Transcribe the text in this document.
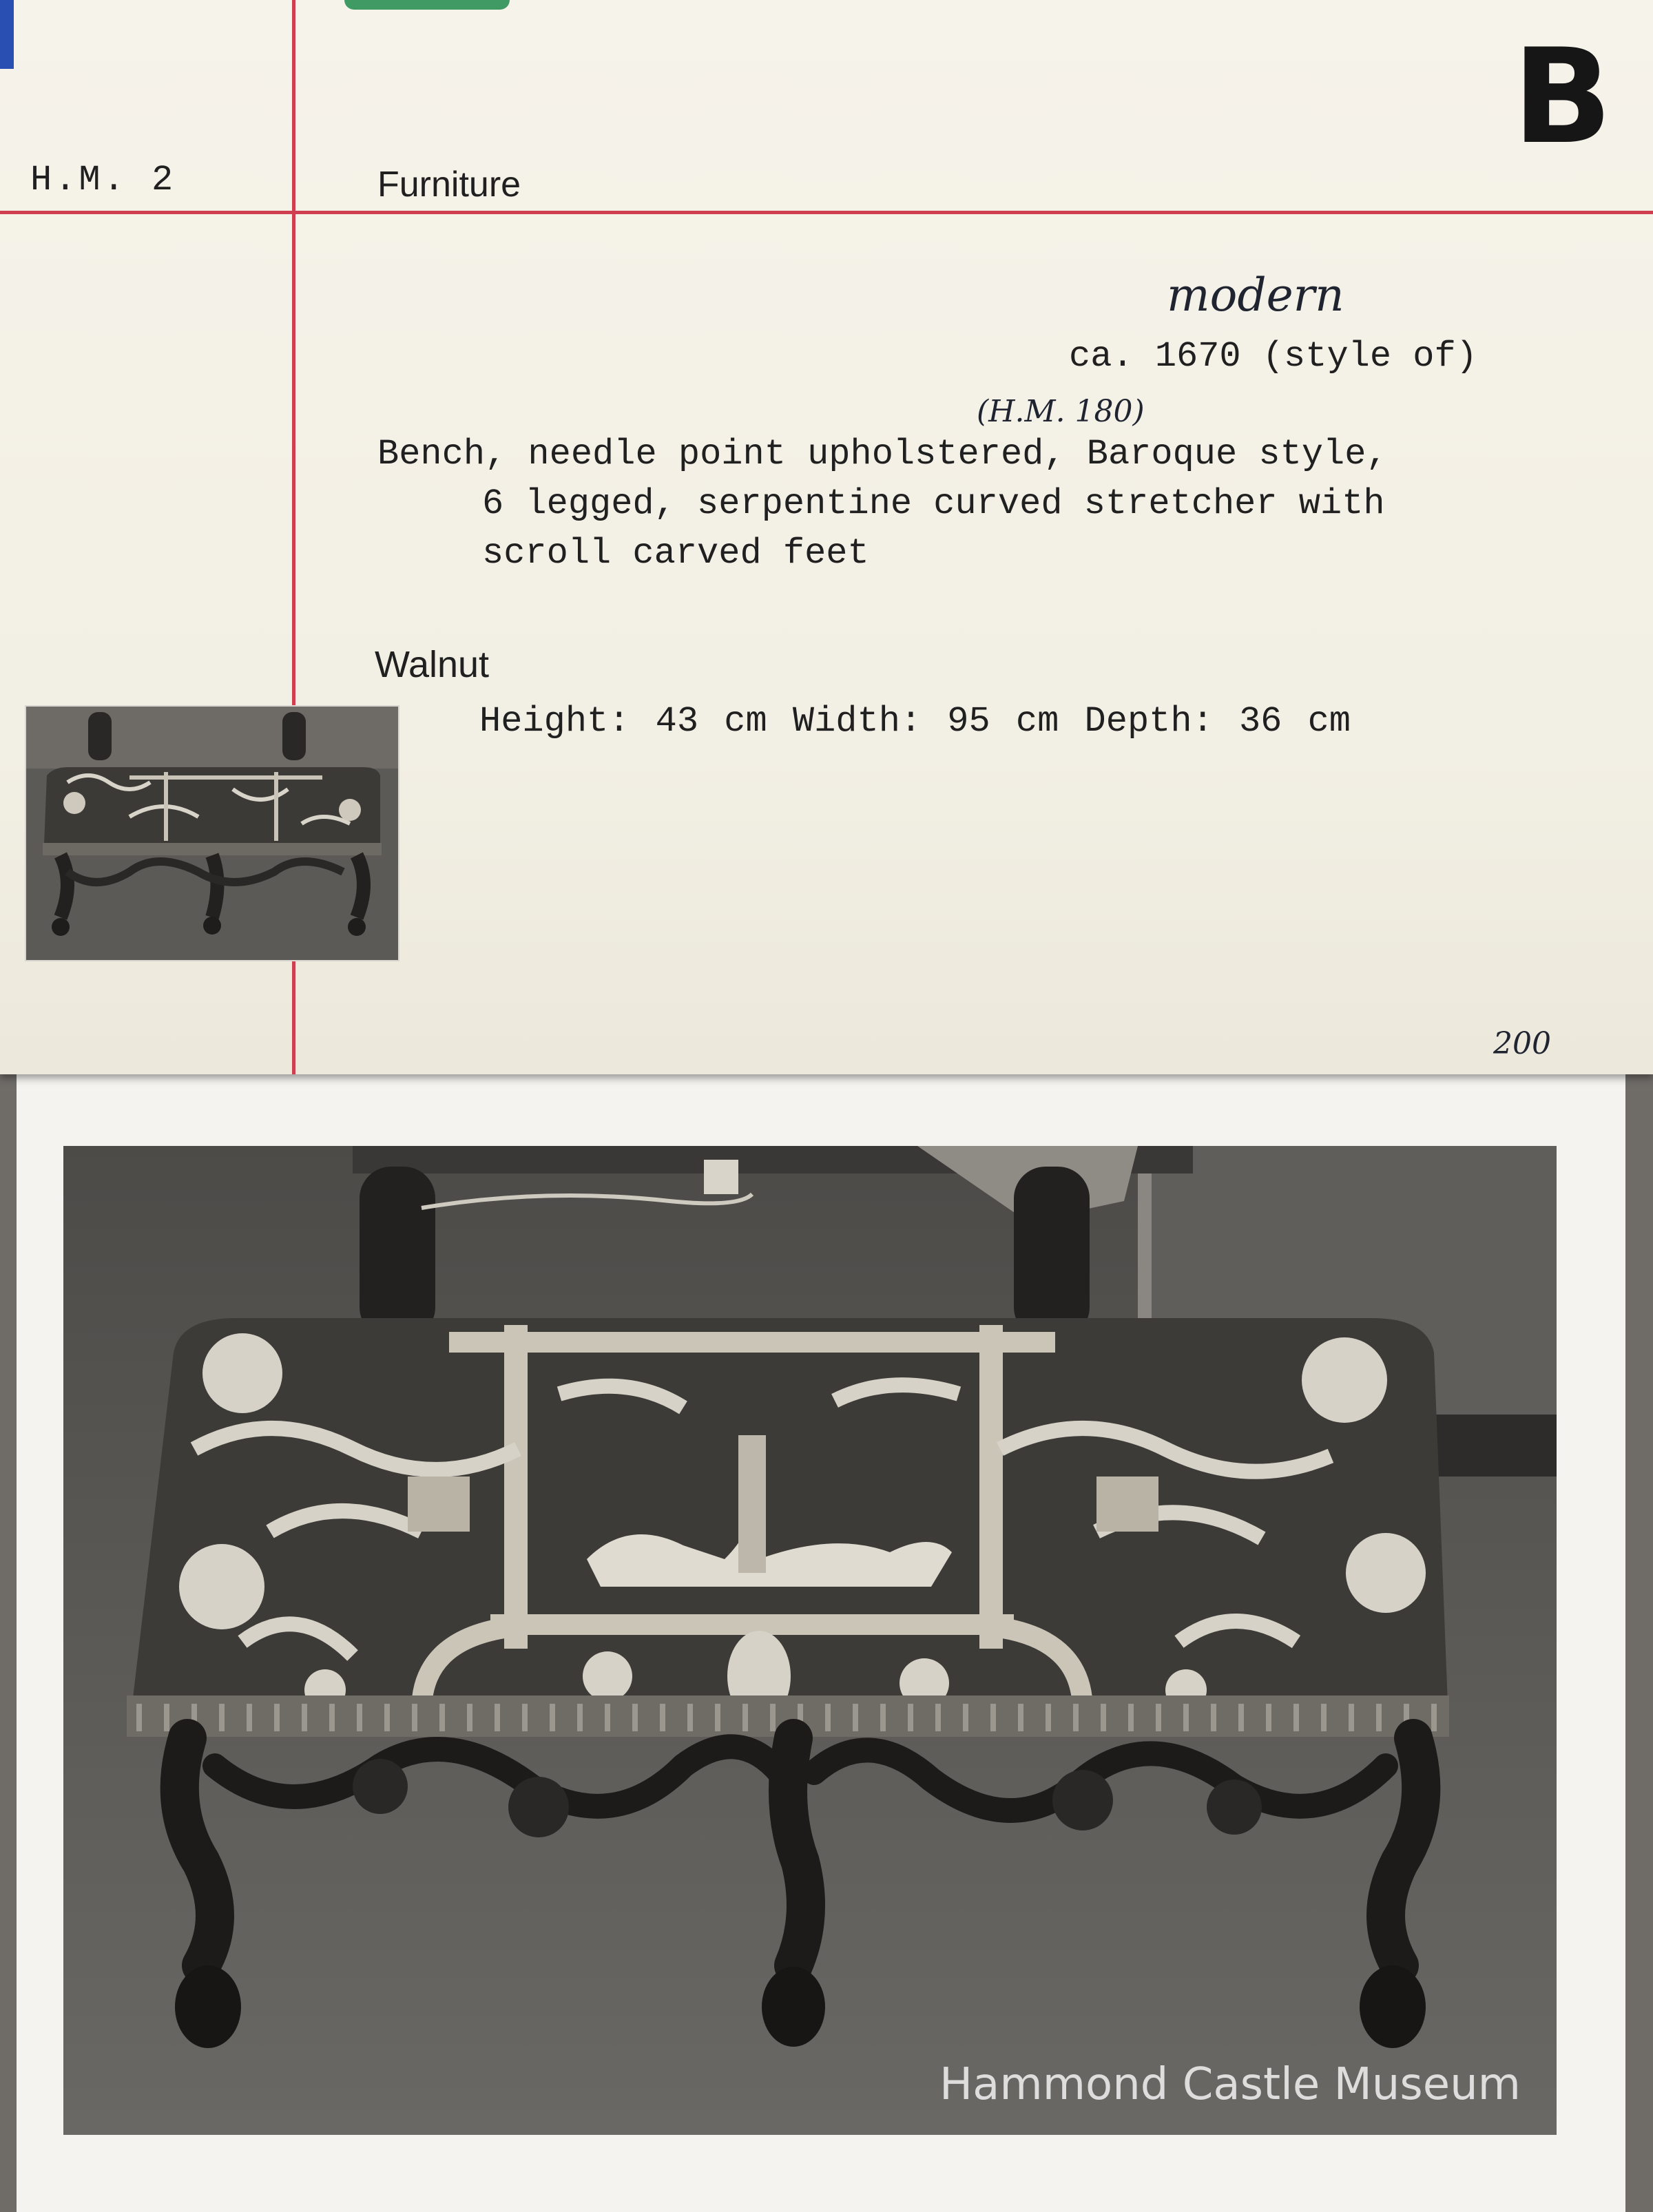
H.M. 2	Furniture
B
modern
ca. 1670 (style of)
(H.M. 180)
Bench, needle point upholstered, Baroque style,
6 legged, serpentine curved stretcher with
scroll carved feet
Walnut
Height: 43 cm Width: 95 cm Depth: 36 cm
200
Hammond Castle Museum
